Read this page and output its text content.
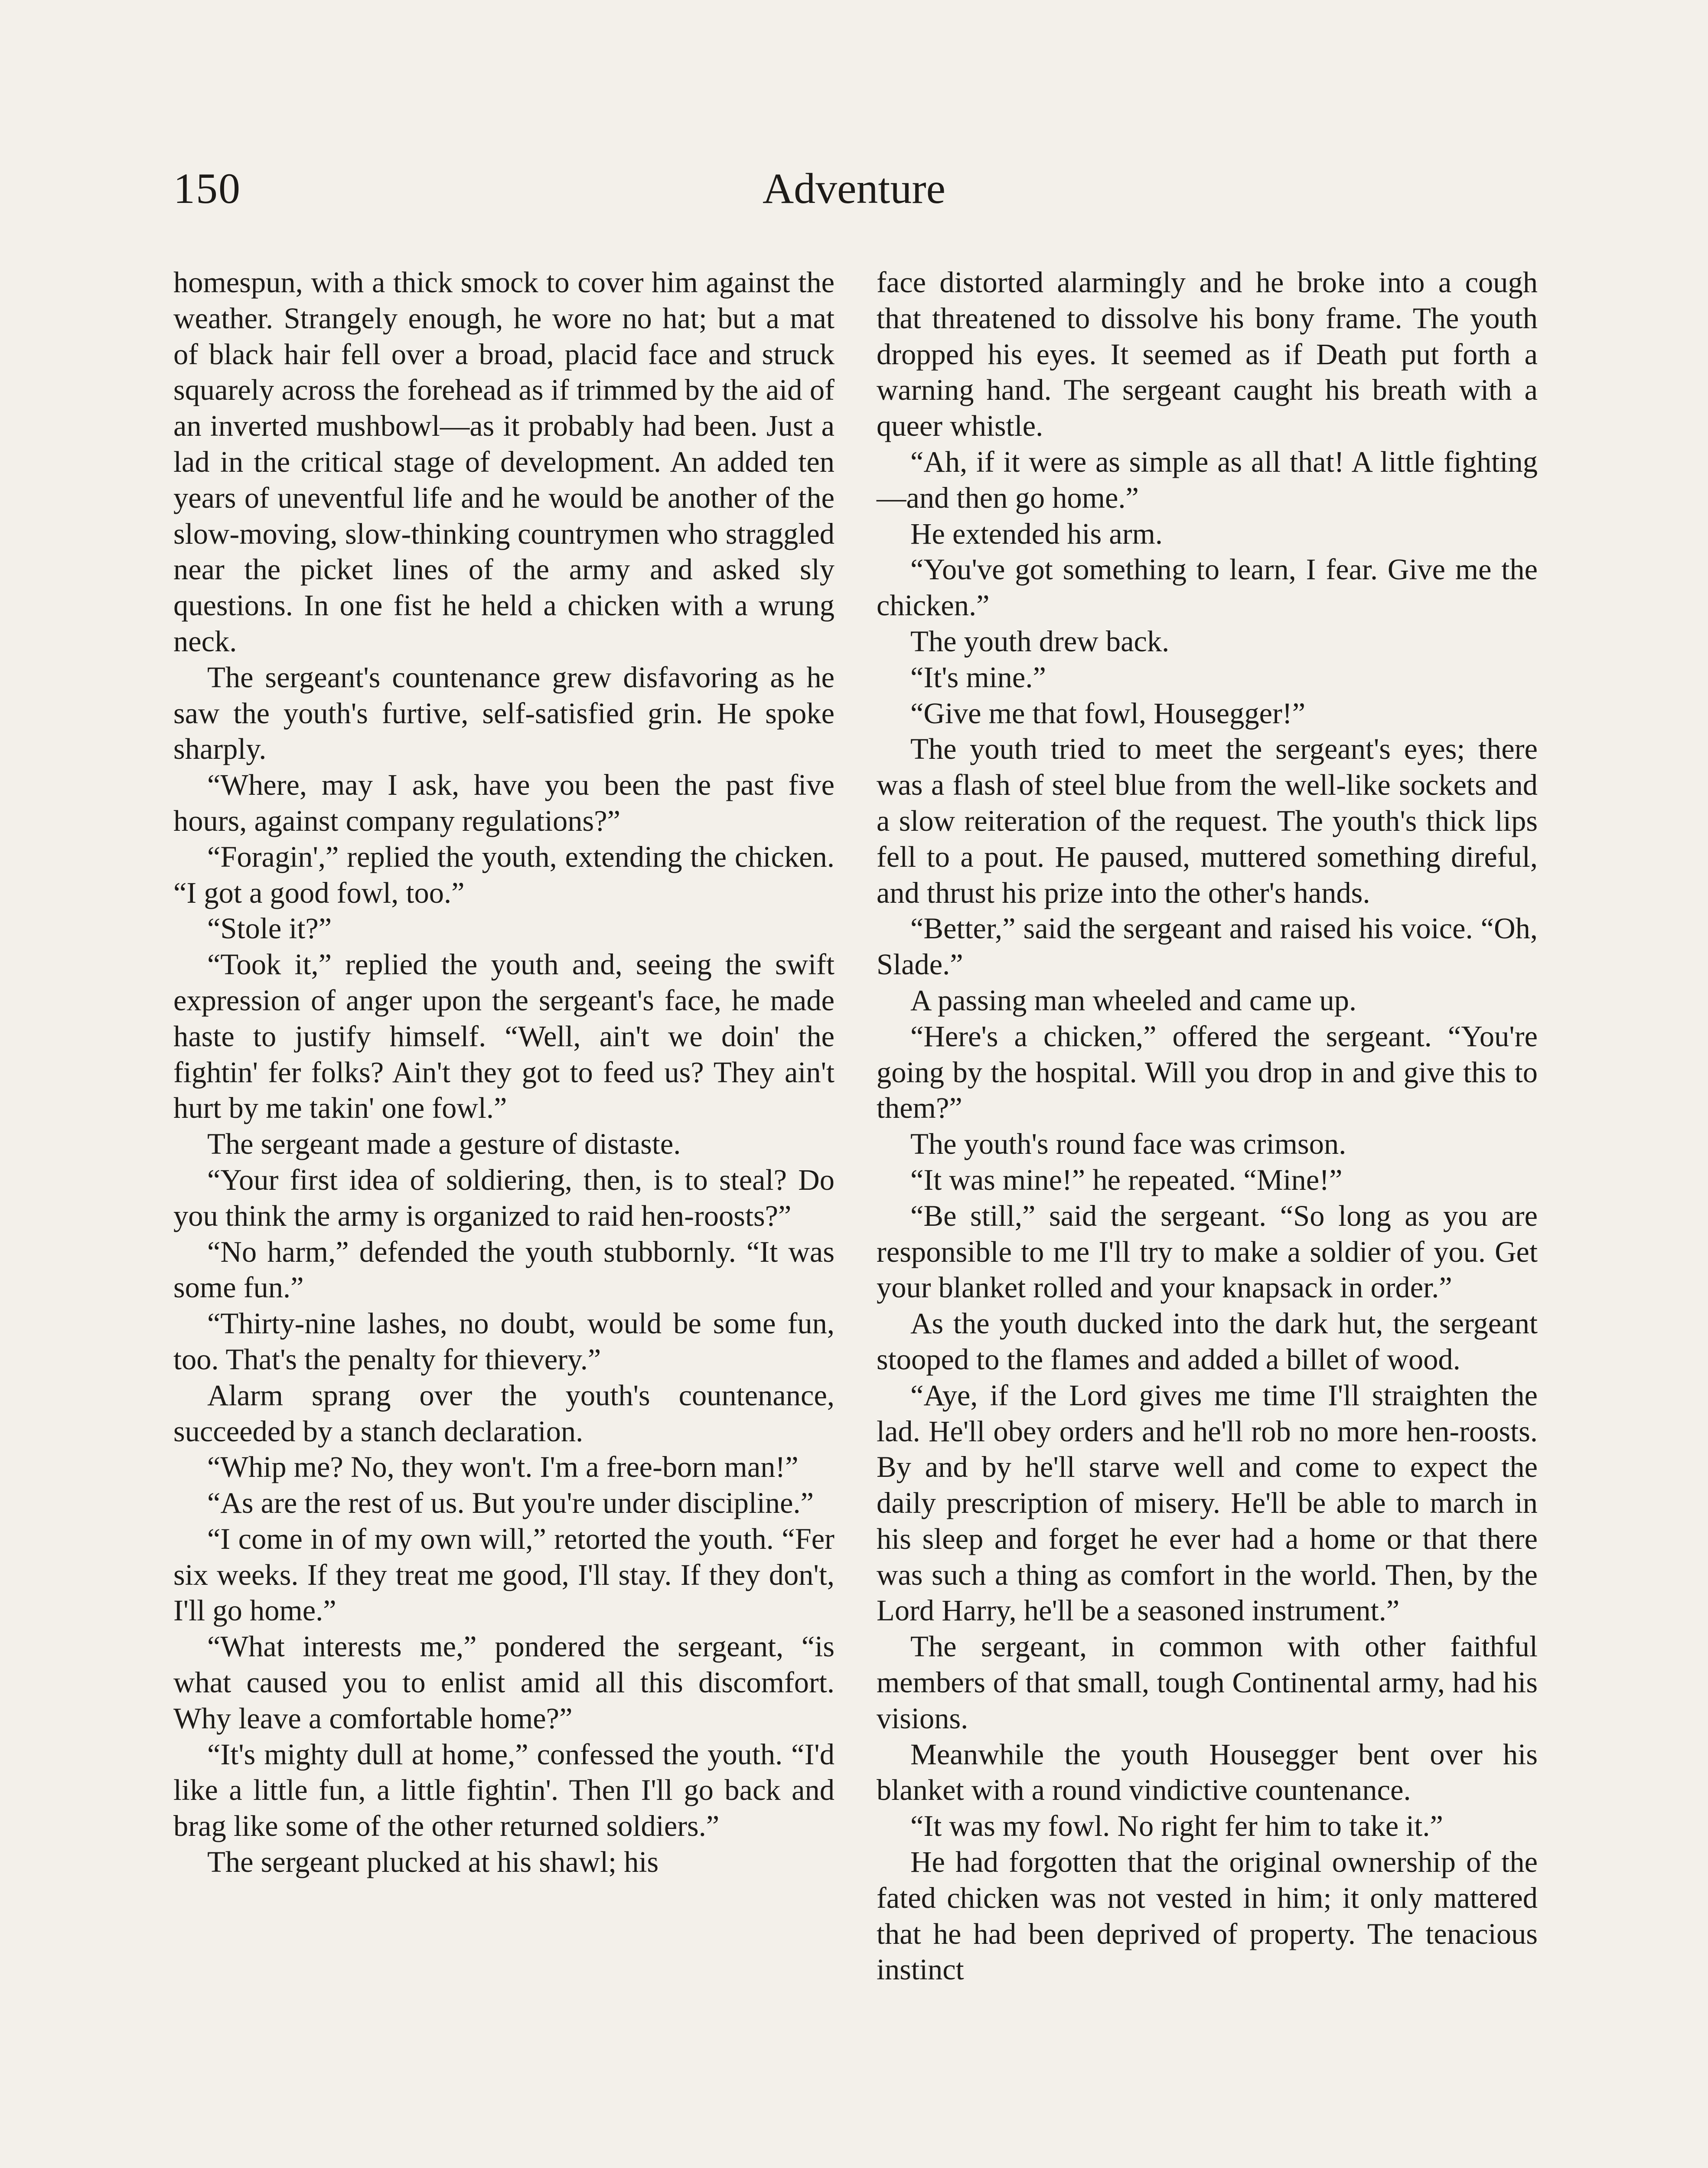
150	Adventure

homespun, with a thick smock to cover him against the weather. Strangely enough, he wore no hat; but a mat of black hair fell over a broad, placid face and struck squarely across the forehead as if trimmed by the aid of an inverted mushbowl—as it probably had been. Just a lad in the critical stage of development. An added ten years of uneventful life and he would be another of the slow-moving, slow-thinking countrymen who straggled near the picket lines of the army and asked sly questions. In one fist he held a chicken with a wrung neck.

The sergeant's countenance grew disfavoring as he saw the youth's furtive, self-satisfied grin. He spoke sharply.

“Where, may I ask, have you been the past five hours, against company regulations?”

“Foragin',” replied the youth, extending the chicken. “I got a good fowl, too.”

“Stole it?”

“Took it,” replied the youth and, seeing the swift expression of anger upon the sergeant's face, he made haste to justify himself. “Well, ain't we doin' the fightin' fer folks? Ain't they got to feed us? They ain't hurt by me takin' one fowl.”

The sergeant made a gesture of distaste.

“Your first idea of soldiering, then, is to steal? Do you think the army is organized to raid hen-roosts?”

“No harm,” defended the youth stubbornly. “It was some fun.”

“Thirty-nine lashes, no doubt, would be some fun, too. That's the penalty for thievery.”

Alarm sprang over the youth's countenance, succeeded by a stanch declaration.

“Whip me? No, they won't. I'm a free-born man!”

“As are the rest of us. But you're under discipline.”

“I come in of my own will,” retorted the youth. “Fer six weeks. If they treat me good, I'll stay. If they don't, I'll go home.”

“What interests me,” pondered the sergeant, “is what caused you to enlist amid all this discomfort. Why leave a comfortable home?”

“It's mighty dull at home,” confessed the youth. “I'd like a little fun, a little fightin'. Then I'll go back and brag like some of the other returned soldiers.”

The sergeant plucked at his shawl; his

face distorted alarmingly and he broke into a cough that threatened to dissolve his bony frame. The youth dropped his eyes. It seemed as if Death put forth a warning hand. The sergeant caught his breath with a queer whistle.

“Ah, if it were as simple as all that! A little fighting—and then go home.”

He extended his arm.

“You've got something to learn, I fear. Give me the chicken.”

The youth drew back.

“It's mine.”

“Give me that fowl, Housegger!”

The youth tried to meet the sergeant's eyes; there was a flash of steel blue from the well-like sockets and a slow reiteration of the request. The youth's thick lips fell to a pout. He paused, muttered something direful, and thrust his prize into the other's hands.

“Better,” said the sergeant and raised his voice. “Oh, Slade.”

A passing man wheeled and came up.

“Here's a chicken,” offered the sergeant. “You're going by the hospital. Will you drop in and give this to them?”

The youth's round face was crimson.

“It was mine!” he repeated. “Mine!”

“Be still,” said the sergeant. “So long as you are responsible to me I'll try to make a soldier of you. Get your blanket rolled and your knapsack in order.”

As the youth ducked into the dark hut, the sergeant stooped to the flames and added a billet of wood.

“Aye, if the Lord gives me time I'll straighten the lad. He'll obey orders and he'll rob no more hen-roosts. By and by he'll starve well and come to expect the daily prescription of misery. He'll be able to march in his sleep and forget he ever had a home or that there was such a thing as comfort in the world. Then, by the Lord Harry, he'll be a seasoned instrument.”

The sergeant, in common with other faithful members of that small, tough Continental army, had his visions.

Meanwhile the youth Housegger bent over his blanket with a round vindictive countenance.

“It was my fowl. No right fer him to take it.”

He had forgotten that the original ownership of the fated chicken was not vested in him; it only mattered that he had been deprived of property. The tenacious instinct
